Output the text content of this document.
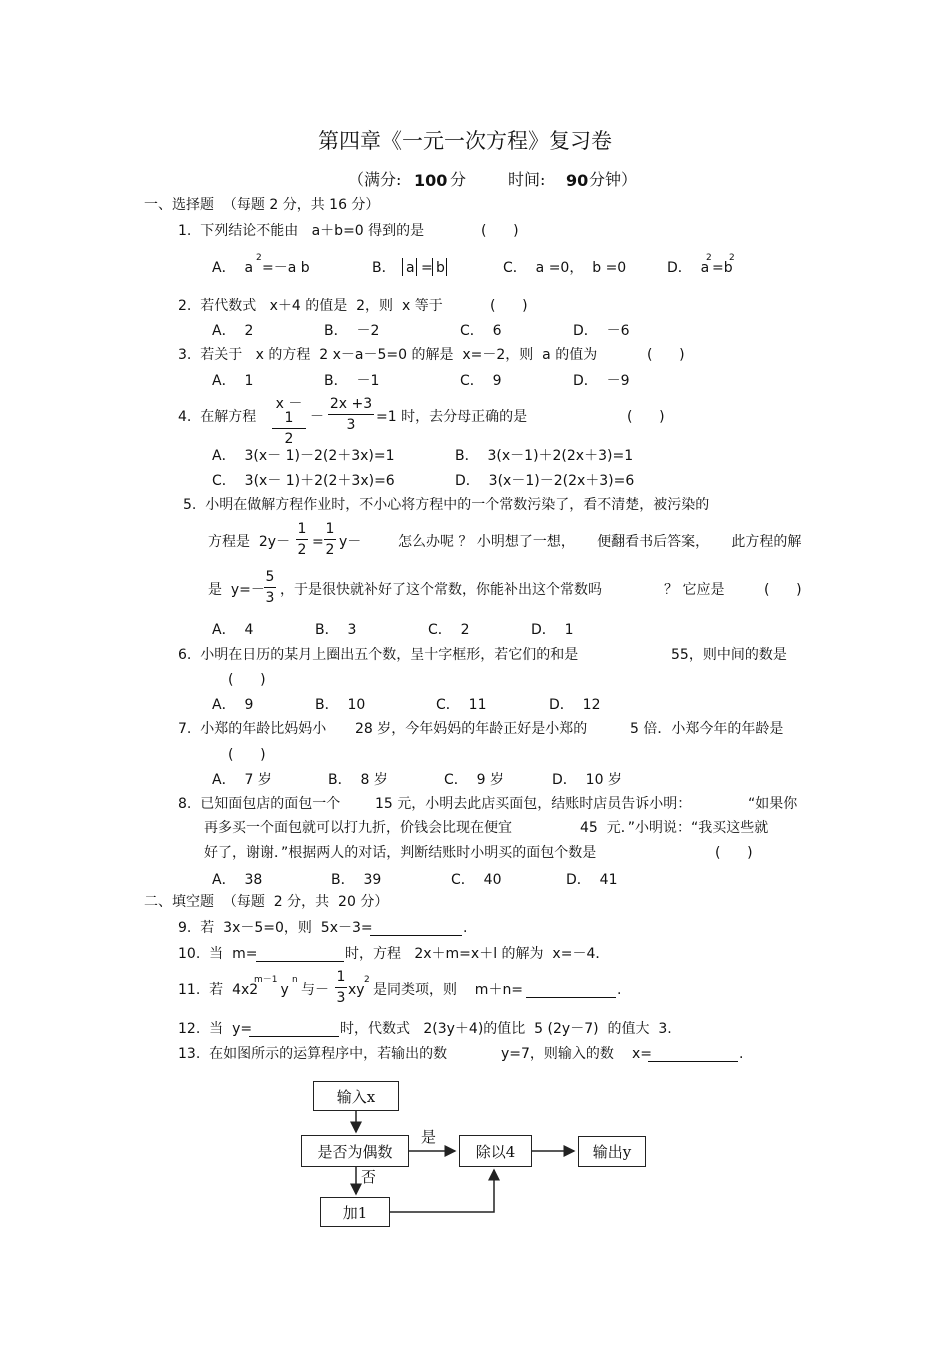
第四章《一元一次方程》复习卷
（满分: 100 分	时间: 90 分钟）
一、选择题  （每题 2 分，共 16 分）
1.  下列结论不能由   a＋b=0 得到的是	(      )
A．  a
2
=－a b	B． a = b	C．  a =0，  b =0	D．  a
2
=b
2
2.  若代数式   x＋4 的值是  2，则  x 等于	(      )
A．  2	B．  －2	C．  6	D．  －6
3.  若关于   x 的方程  2 x－a－5=0 的解是  x=－2，则  a 的值为	(      )
A．  1	B．  －1	C．  9	D．  －9
4.  在解方程
x －1
2
－
2x +3
3	=1 时，去分母正确的是	(      )
A．  3(x－ 1)－2(2＋3x)=1	B．  3(x－1)＋2(2x＋3)=1
C．  3(x－ 1)＋2(2＋3x)=6	D．  3(x－1)－2(2x＋3)=6
5.  小明在做解方程作业时，不小心将方程中的一个常数污染了，看不清楚，被污染的
方程是  2y－
1
2 =
1
2 y－	怎么办呢 ？ 小明想了一想，     便翻看书后答案，     此方程的解
是  y=－
5
3 ，于是很快就补好了这个常数，你能补出这个常数吗	？ 它应是	(      )
A．  4	B．  3	C．  2	D．  1
6.  小明在日历的某月上圈出五个数，呈十字框形，若它们的和是	55，则中间的数是
(      )
A．  9	B．  10	C．  11	D．  12
7.  小郑的年龄比妈妈小 28 岁，今年妈妈的年龄正好是小郑的	5 倍．小郑今年的年龄是
(      )
A．  7 岁	B．  8 岁	C．  9 岁	D．  10 岁
8.  已知面包店的面包一个 15 元，小明去此店买面包，结账时店员告诉小明：	“如果你
再多买一个面包就可以打九折，价钱会比现在便宜	45  元．”小明说：“我买这些就
好了，谢谢．”根据两人的对话，判断结账时小明买的面包个数是	(      )
A．  38	B．  39	C．  40	D．  41
二、填空题  （每题  2 分，共  20 分）
9.  若  3x－5=0，则  5x－3=	.
10.  当  m=	时，方程   2x＋m=x＋l 的解为  x=－4．
11.  若  4x2
m－1
y
n
与－
1
3 xy
2
是同类项，则    m＋n=	.
12.  当  y=	时，代数式   2(3y＋4)的值比  5 (2y－7)  的值大  3.
13.  在如图所示的运算程序中，若输出的数	y=7，则输入的数 x=	.
输入x
是否为偶数
是
除以4	输出y
否
加1
